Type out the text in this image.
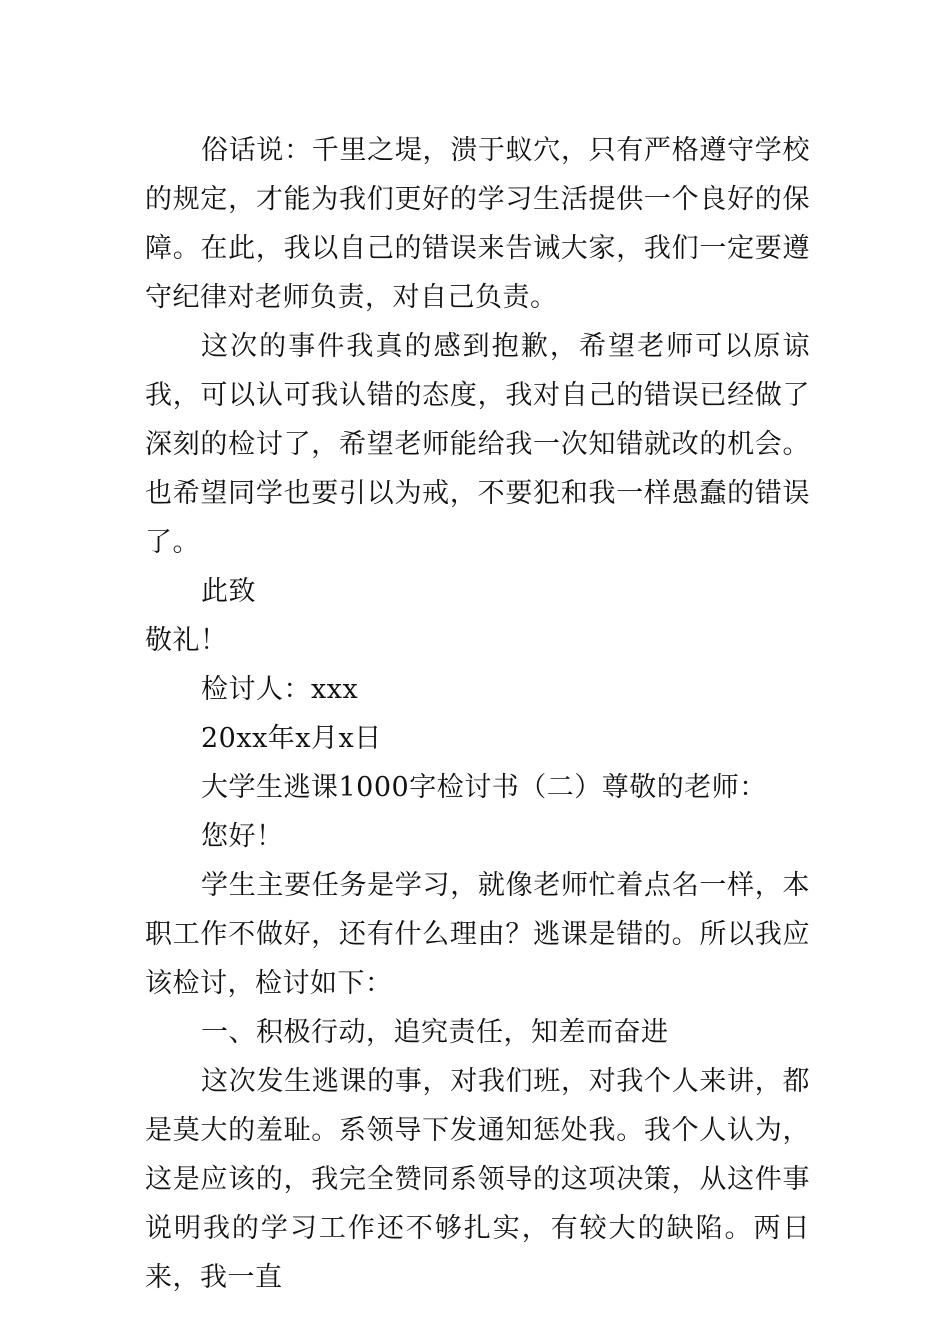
俗话说：千里之堤，溃于蚁穴，只有严格遵守学校的规定，才能为我们更好的学习生活提供一个良好的保障。在此，我以自己的错误来告诫大家，我们一定要遵守纪律对老师负责，对自己负责。

这次的事件我真的感到抱歉，希望老师可以原谅我，可以认可我认错的态度，我对自己的错误已经做了深刻的检讨了，希望老师能给我一次知错就改的机会。也希望同学也要引以为戒，不要犯和我一样愚蠢的错误了。

此致

敬礼！

检讨人：xxx

20xx年x月x日

大学生逃课1000字检讨书（二）尊敬的老师：

您好！

学生主要任务是学习，就像老师忙着点名一样，本职工作不做好，还有什么理由？逃课是错的。所以我应该检讨，检讨如下：

一、积极行动，追究责任，知差而奋进

这次发生逃课的事，对我们班，对我个人来讲，都是莫大的羞耻。系领导下发通知惩处我。我个人认为，这是应该的，我完全赞同系领导的这项决策，从这件事说明我的学习工作还不够扎实，有较大的缺陷。两日来，我一直
